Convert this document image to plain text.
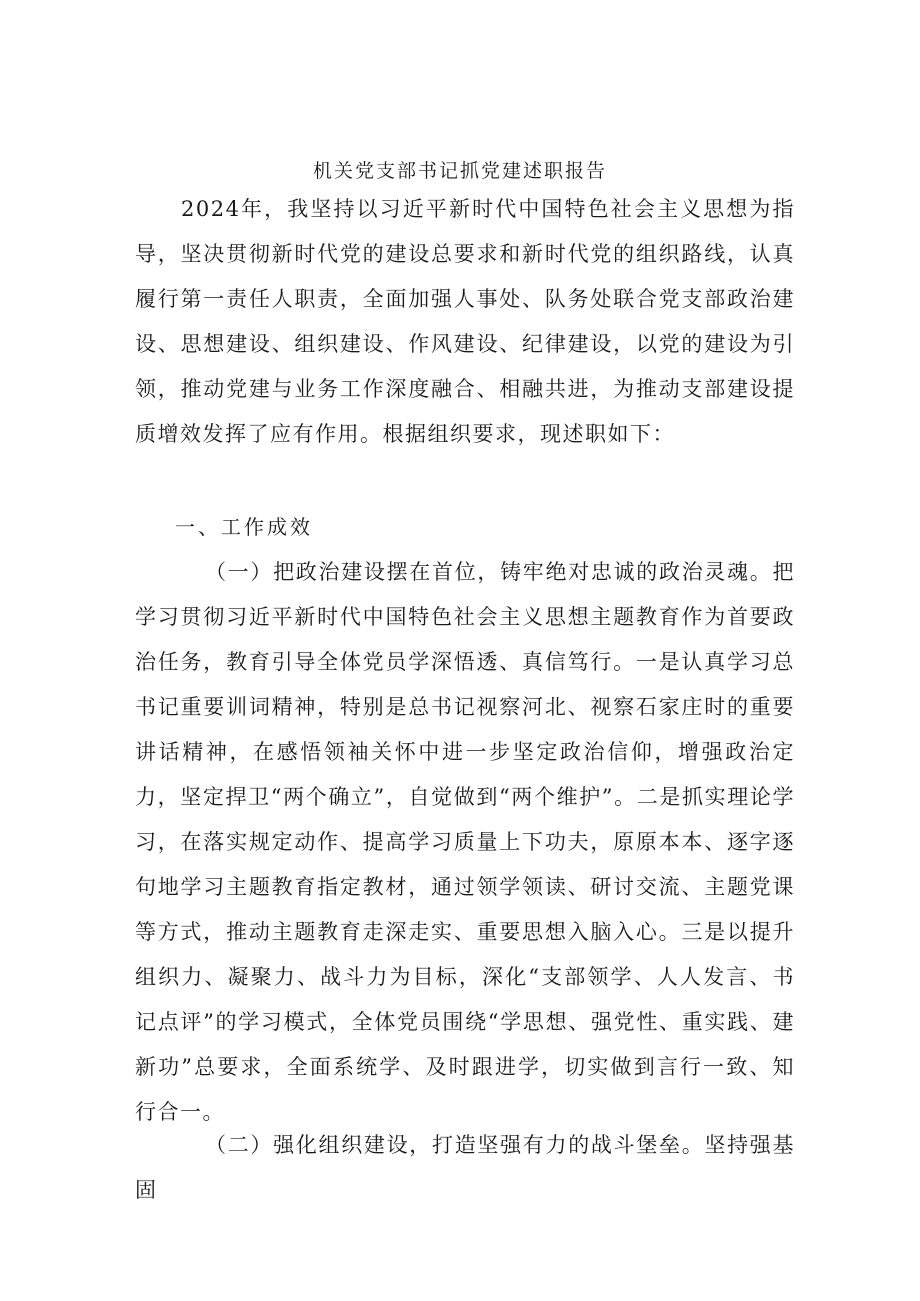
机关党支部书记抓党建述职报告

2024年，我坚持以习近平新时代中国特色社会主义思想为指导，坚决贯彻新时代党的建设总要求和新时代党的组织路线，认真履行第一责任人职责，全面加强人事处、队务处联合党支部政治建设、思想建设、组织建设、作风建设、纪律建设，以党的建设为引领，推动党建与业务工作深度融合、相融共进，为推动支部建设提质增效发挥了应有作用。根据组织要求，现述职如下：

一、工作成效

（一）把政治建设摆在首位，铸牢绝对忠诚的政治灵魂。把学习贯彻习近平新时代中国特色社会主义思想主题教育作为首要政治任务，教育引导全体党员学深悟透、真信笃行。一是认真学习总书记重要训词精神，特别是总书记视察河北、视察石家庄时的重要讲话精神，在感悟领袖关怀中进一步坚定政治信仰，增强政治定力，坚定捍卫“两个确立”，自觉做到“两个维护”。二是抓实理论学习，在落实规定动作、提高学习质量上下功夫，原原本本、逐字逐句地学习主题教育指定教材，通过领学领读、研讨交流、主题党课等方式，推动主题教育走深走实、重要思想入脑入心。三是以提升组织力、凝聚力、战斗力为目标，深化“支部领学、人人发言、书记点评”的学习模式，全体党员围绕“学思想、强党性、重实践、建新功”总要求，全面系统学、及时跟进学，切实做到言行一致、知行合一。

（二）强化组织建设，打造坚强有力的战斗堡垒。坚持强基固
